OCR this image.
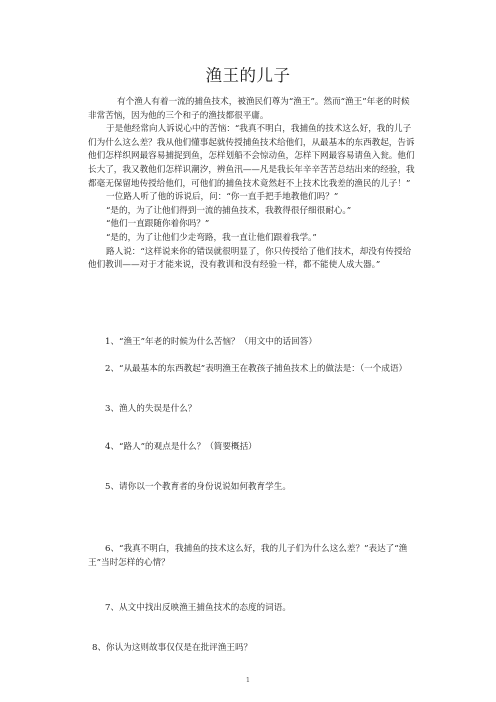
渔王的儿子

有个渔人有着一流的捕鱼技术，被渔民们尊为“渔王”。然而“渔王”年老的时候非常苦恼，因为他的三个和子的渔技都很平庸。

于是他经常向人诉说心中的苦恼：“我真不明白，我捕鱼的技术这么好，我的儿子们为什么这么差？我从他们懂事起就传授捕鱼技术给他们，从最基本的东西教起，告诉他们怎样织网最容易捕捉到鱼，怎样划船不会惊动鱼，怎样下网最容易请鱼入瓮。他们长大了，我又教他们怎样识潮汐，辨鱼汛——凡是我长年辛辛苦苦总结出来的经验，我都毫无保留地传授给他们，可他们的捕鱼技术竟然赶不上技术比我差的渔民的儿子！”

一位路人听了他的诉说后，问：“你一直手把手地教他们吗？”

“是的，为了让他们得到一流的捕鱼技术，我教得很仔细很耐心。”

“他们一直跟随你着你吗？”

“是的，为了让他们少走弯路，我一直让他们跟着我学。”

路人说：“这样说来你的错误就很明显了，你只传授给了他们技术，却没有传授给他们教训——对于才能来说，没有教训和没有经验一样，都不能使人成大器。”

1、“渔王”年老的时候为什么苦恼？（用文中的话回答）

2、“从最基本的东西教起”表明渔王在教孩子捕鱼技术上的做法是：（一个成语）

3、渔人的失误是什么？

4、“路人”的观点是什么？（简要概括）

5、请你以一个教育者的身份说说如何教育学生。

6、“我真不明白，我捕鱼的技术这么好，我的儿子们为什么这么差？”表达了“渔王”当时怎样的心情？

7、从文中找出反映渔王捕鱼技术的态度的词语。

8、你认为这则故事仅仅是在批评渔王吗？

1
